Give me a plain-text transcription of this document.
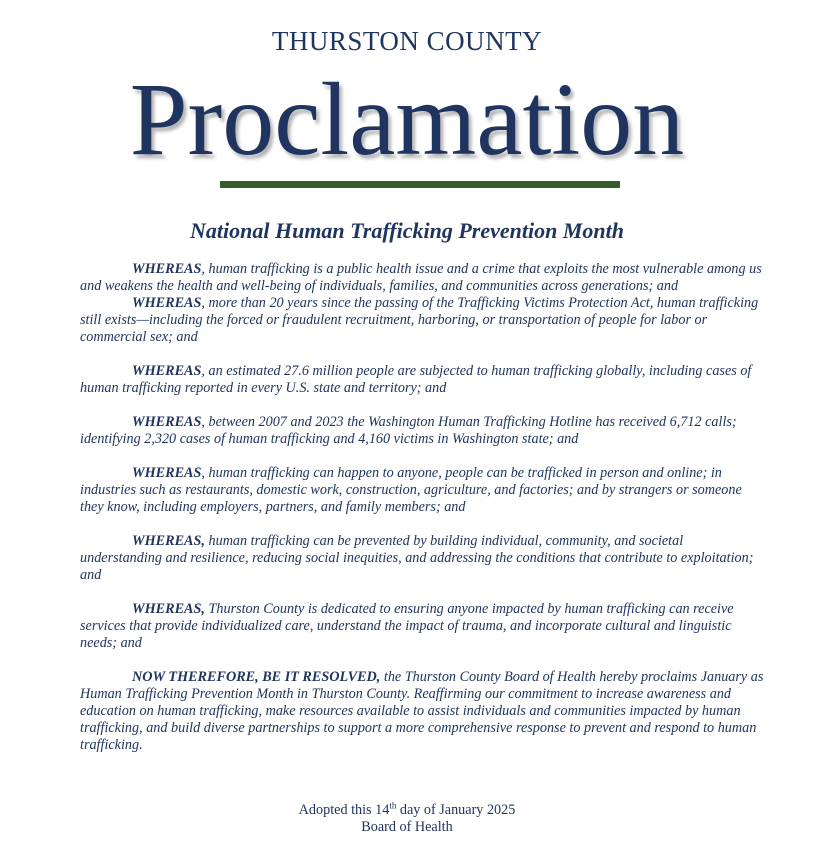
THURSTON COUNTY
Proclamation
National Human Trafficking Prevention Month

WHEREAS, human trafficking is a public health issue and a crime that exploits the most vulnerable among us and weakens the health and well-being of individuals, families, and communities across generations; and

WHEREAS, more than 20 years since the passing of the Trafficking Victims Protection Act, human trafficking still exists—including the forced or fraudulent recruitment, harboring, or transportation of people for labor or commercial sex; and

WHEREAS, an estimated 27.6 million people are subjected to human trafficking globally, including cases of human trafficking reported in every U.S. state and territory; and

WHEREAS, between 2007 and 2023 the Washington Human Trafficking Hotline has received 6,712 calls; identifying 2,320 cases of human trafficking and 4,160 victims in Washington state; and

WHEREAS, human trafficking can happen to anyone, people can be trafficked in person and online; in industries such as restaurants, domestic work, construction, agriculture, and factories; and by strangers or someone they know, including employers, partners, and family members; and

WHEREAS, human trafficking can be prevented by building individual, community, and societal understanding and resilience, reducing social inequities, and addressing the conditions that contribute to exploitation; and

WHEREAS, Thurston County is dedicated to ensuring anyone impacted by human trafficking can receive services that provide individualized care, understand the impact of trauma, and incorporate cultural and linguistic needs; and

NOW THEREFORE, BE IT RESOLVED, the Thurston County Board of Health hereby proclaims January as Human Trafficking Prevention Month in Thurston County. Reaffirming our commitment to increase awareness and education on human trafficking, make resources available to assist individuals and communities impacted by human trafficking, and build diverse partnerships to support a more comprehensive response to prevent and respond to human trafficking.

Adopted this 14th day of January 2025
Board of Health
